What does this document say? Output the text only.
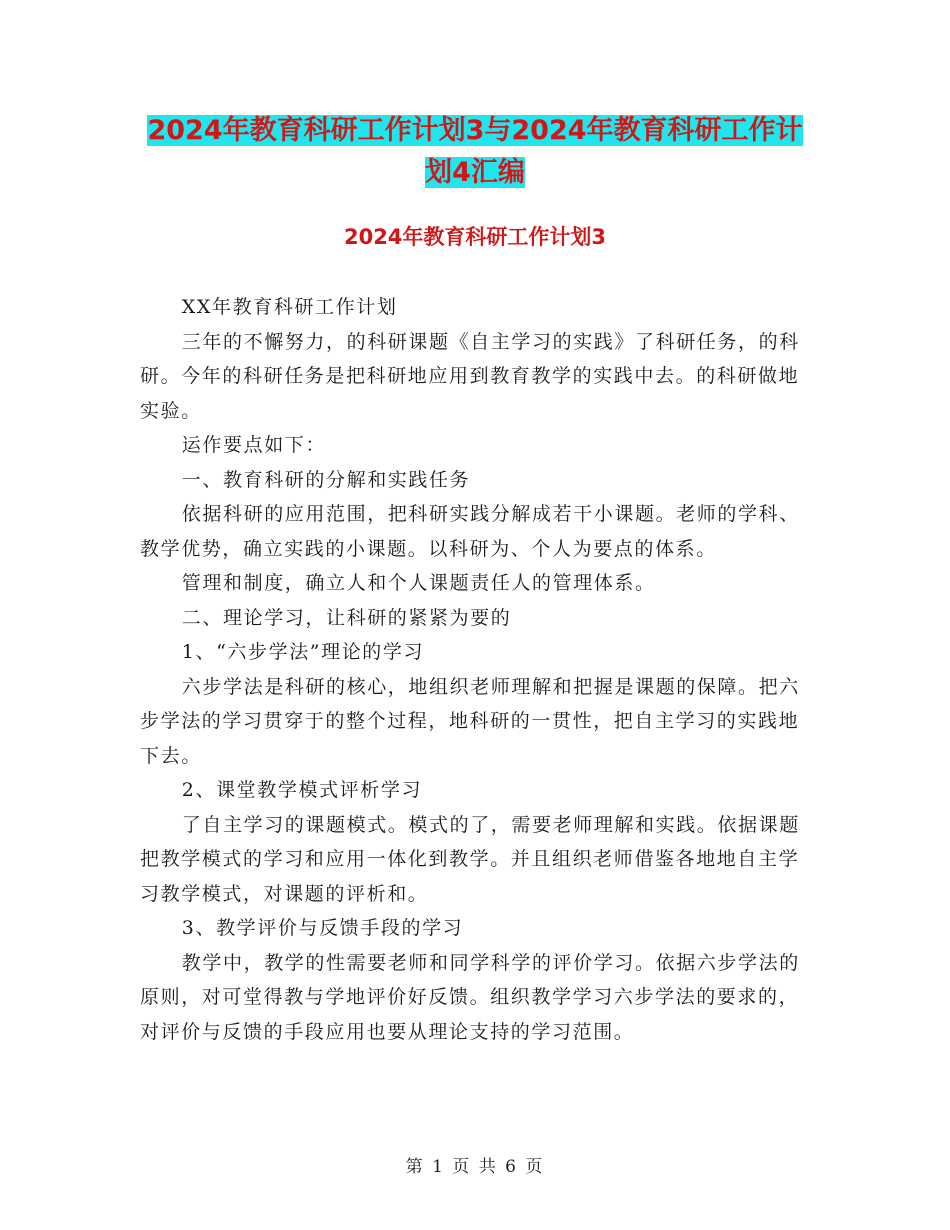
2024年教育科研工作计划3与2024年教育科研工作计
划4汇编
2024年教育科研工作计划3

XX年教育科研工作计划

三年的不懈努力，的科研课题《自主学习的实践》了科研任务，的科研。今年的科研任务是把科研地应用到教育教学的实践中去。的科研做地实验。

运作要点如下：

一、教育科研的分解和实践任务

依据科研的应用范围，把科研实践分解成若干小课题。老师的学科、教学优势，确立实践的小课题。以科研为、个人为要点的体系。

管理和制度，确立人和个人课题责任人的管理体系。

二、理论学习，让科研的紧紧为要的

1、“六步学法”理论的学习

六步学法是科研的核心，地组织老师理解和把握是课题的保障。把六步学法的学习贯穿于的整个过程，地科研的一贯性，把自主学习的实践地下去。

2、课堂教学模式评析学习

了自主学习的课题模式。模式的了，需要老师理解和实践。依据课题把教学模式的学习和应用一体化到教学。并且组织老师借鉴各地地自主学习教学模式，对课题的评析和。

3、教学评价与反馈手段的学习

教学中，教学的性需要老师和同学科学的评价学习。依据六步学法的原则，对可堂得教与学地评价好反馈。组织教学学习六步学法的要求的，对评价与反馈的手段应用也要从理论支持的学习范围。

第 1 页 共 6 页
